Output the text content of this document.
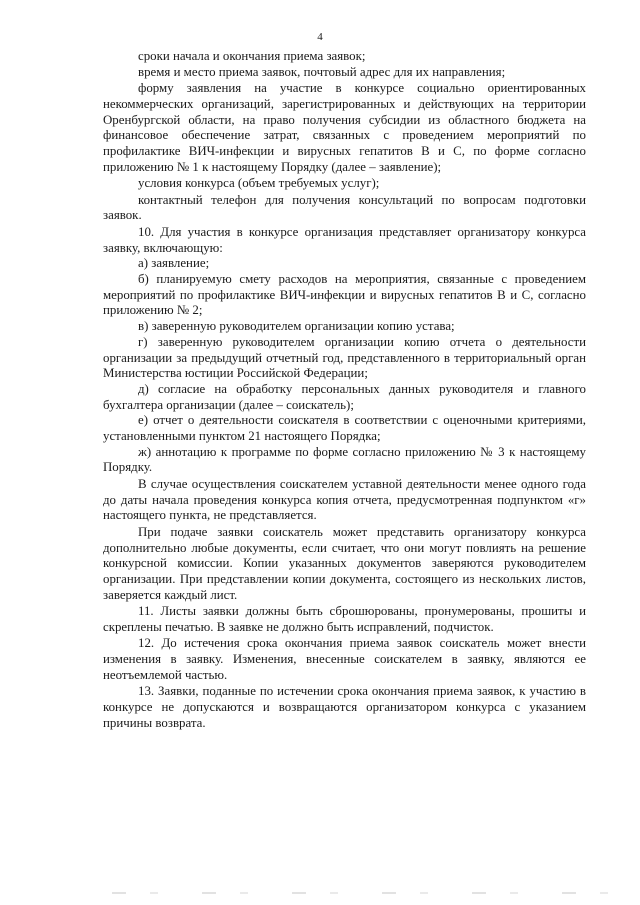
4

сроки начала и окончания приема заявок;

время и место приема заявок, почтовый адрес для их направления;

форму заявления на участие в конкурсе социально ориентированных некоммерческих организаций, зарегистрированных и действующих на территории Оренбургской области, на право получения субсидии из областного бюджета на финансовое обеспечение затрат, связанных с проведением мероприятий по профилактике ВИЧ-инфекции и вирусных гепатитов В и С, по форме согласно приложению № 1 к настоящему Порядку (далее – заявление);

условия конкурса (объем требуемых услуг);

контактный телефон для получения консультаций по вопросам подготовки заявок.

10. Для участия в конкурсе организация представляет организатору конкурса заявку, включающую:

а) заявление;

б) планируемую смету расходов на мероприятия, связанные с проведением мероприятий по профилактике ВИЧ-инфекции и вирусных гепатитов В и С, согласно приложению № 2;

в) заверенную руководителем организации копию устава;

г) заверенную руководителем организации копию отчета о деятельности организации за предыдущий отчетный год, представленного в территориальный орган Министерства юстиции Российской Федерации;

д) согласие на обработку персональных данных руководителя и главного бухгалтера организации (далее – соискатель);

е) отчет о деятельности соискателя в соответствии с оценочными критериями, установленными пунктом 21 настоящего Порядка;

ж) аннотацию к программе по форме согласно приложению № 3 к настоящему Порядку.

В случае осуществления соискателем уставной деятельности менее одного года до даты начала проведения конкурса копия отчета, предусмотренная подпунктом «г» настоящего пункта, не представляется.

При подаче заявки соискатель может представить организатору конкурса дополнительно любые документы, если считает, что они могут повлиять на решение конкурсной комиссии. Копии указанных документов заверяются руководителем организации. При представлении копии документа, состоящего из нескольких листов, заверяется каждый лист.

11. Листы заявки должны быть сброшюрованы, пронумерованы, прошиты и скреплены печатью. В заявке не должно быть исправлений, подчисток.

12. До истечения срока окончания приема заявок соискатель может внести изменения в заявку. Изменения, внесенные соискателем в заявку, являются ее неотъемлемой частью.

13. Заявки, поданные по истечении срока окончания приема заявок, к участию в конкурсе не допускаются и возвращаются организатором конкурса с указанием причины возврата.
